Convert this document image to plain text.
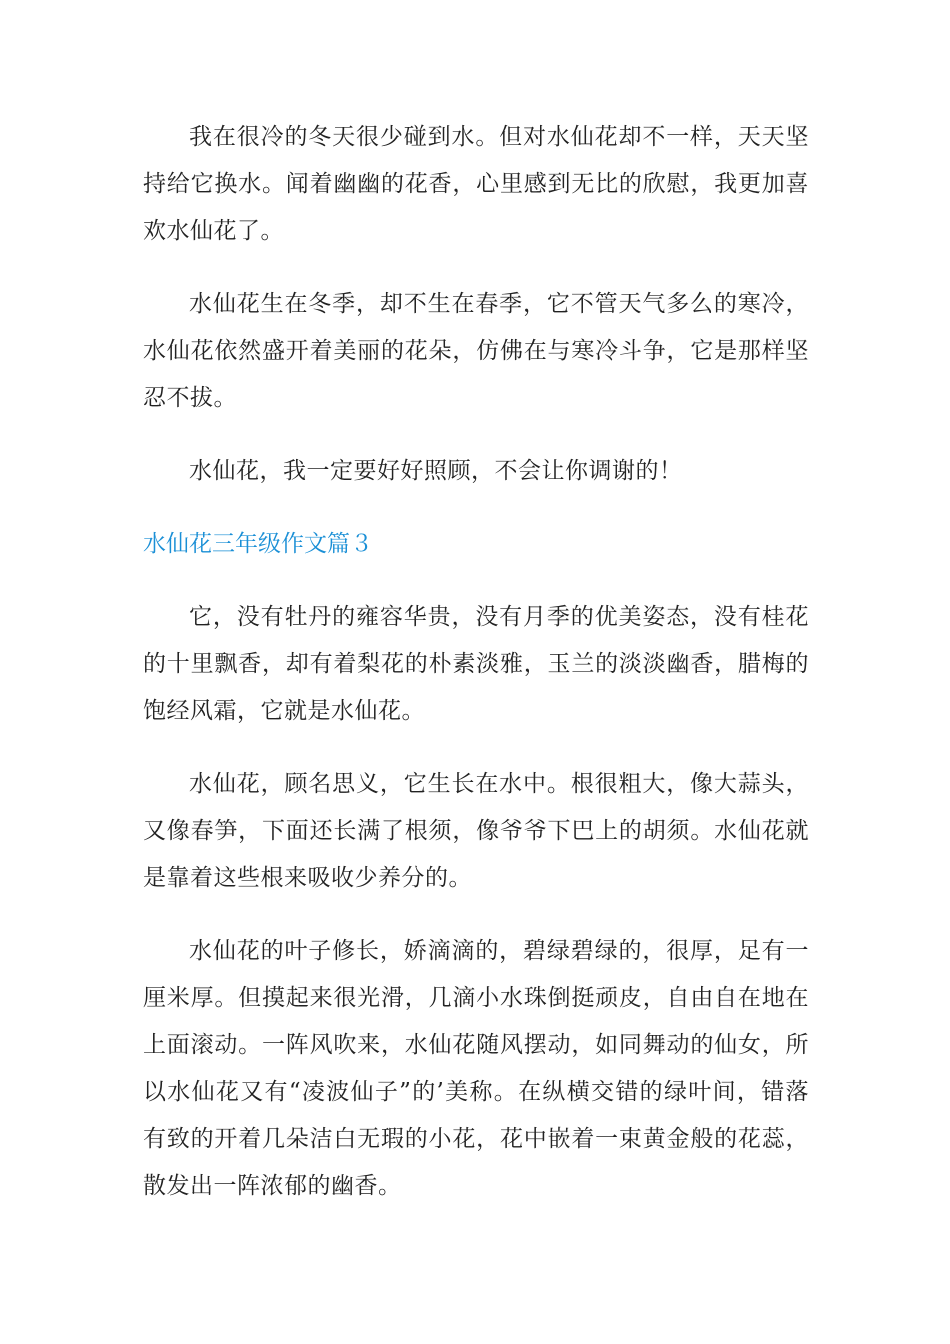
我在很冷的冬天很少碰到水。但对水仙花却不一样，天天坚持给它换水。闻着幽幽的花香，心里感到无比的欣慰，我更加喜欢水仙花了。

水仙花生在冬季，却不生在春季，它不管天气多么的寒冷，水仙花依然盛开着美丽的花朵，仿佛在与寒冷斗争，它是那样坚忍不拔。

水仙花，我一定要好好照顾，不会让你调谢的！

水仙花三年级作文篇３

它，没有牡丹的雍容华贵，没有月季的优美姿态，没有桂花的十里飘香，却有着梨花的朴素淡雅，玉兰的淡淡幽香，腊梅的饱经风霜，它就是水仙花。

水仙花，顾名思义，它生长在水中。根很粗大，像大蒜头，又像春笋，下面还长满了根须，像爷爷下巴上的胡须。水仙花就是靠着这些根来吸收少养分的。

水仙花的叶子修长，娇滴滴的，碧绿碧绿的，很厚，足有一厘米厚。但摸起来很光滑，几滴小水珠倒挺顽皮，自由自在地在上面滚动。一阵风吹来，水仙花随风摆动，如同舞动的仙女，所以水仙花又有“凌波仙子”的’美称。在纵横交错的绿叶间，错落有致的开着几朵洁白无瑕的小花，花中嵌着一束黄金般的花蕊，散发出一阵浓郁的幽香。
